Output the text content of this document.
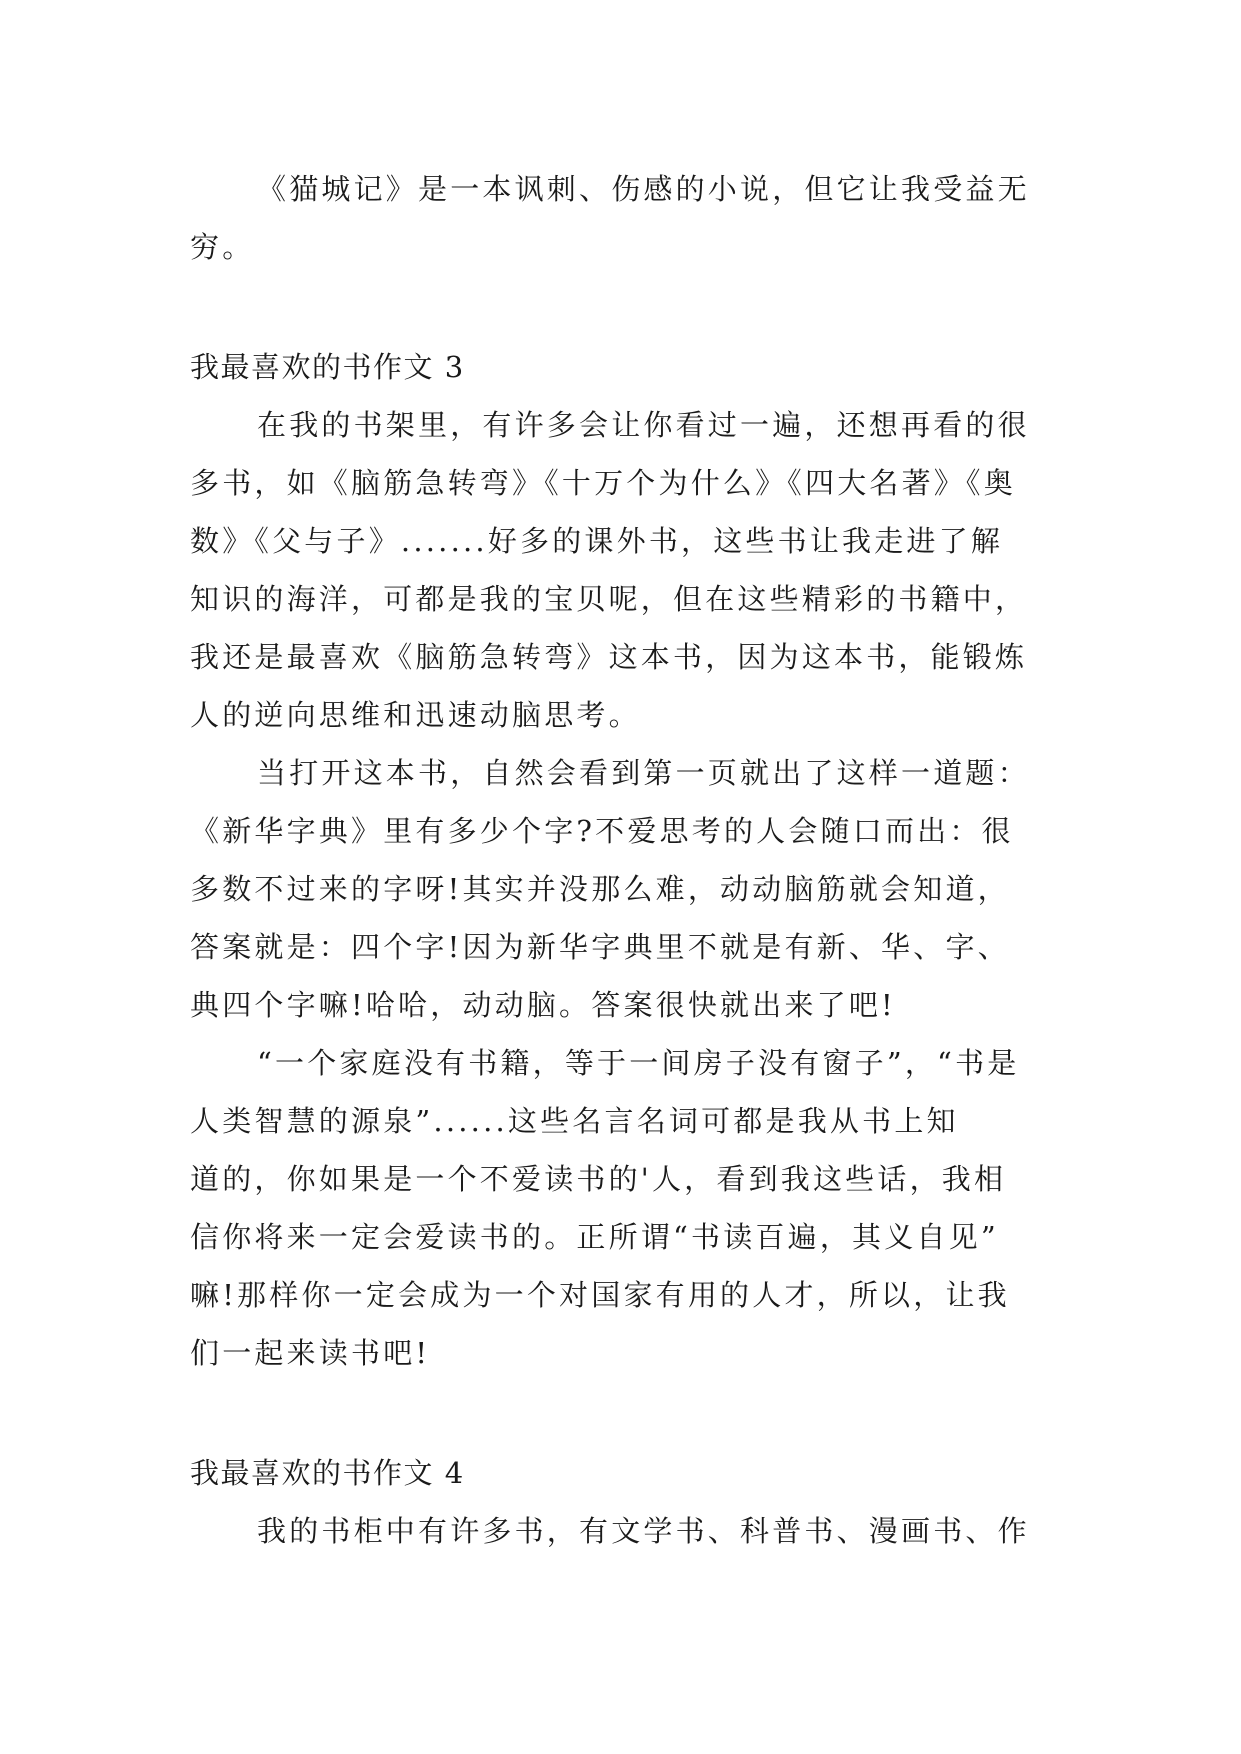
《猫城记》是一本讽刺、伤感的小说，但它让我受益无
穷。
我最喜欢的书作文 3
在我的书架里，有许多会让你看过一遍，还想再看的很
多书，如《脑筋急转弯》《十万个为什么》《四大名著》《奥
数》《父与子》.......好多的课外书，这些书让我走进了解
知识的海洋，可都是我的宝贝呢，但在这些精彩的书籍中，
我还是最喜欢《脑筋急转弯》这本书，因为这本书，能锻炼
人的逆向思维和迅速动脑思考。
当打开这本书，自然会看到第一页就出了这样一道题：
《新华字典》里有多少个字?不爱思考的人会随口而出：很
多数不过来的字呀!其实并没那么难，动动脑筋就会知道，
答案就是：四个字!因为新华字典里不就是有新、华、字、
典四个字嘛!哈哈，动动脑。答案很快就出来了吧!
“一个家庭没有书籍，等于一间房子没有窗子”，“书是
人类智慧的源泉”......这些名言名词可都是我从书上知
道的，你如果是一个不爱读书的'人，看到我这些话，我相
信你将来一定会爱读书的。正所谓“书读百遍，其义自见”
嘛!那样你一定会成为一个对国家有用的人才，所以，让我
们一起来读书吧!
我最喜欢的书作文 4
我的书柜中有许多书，有文学书、科普书、漫画书、作
